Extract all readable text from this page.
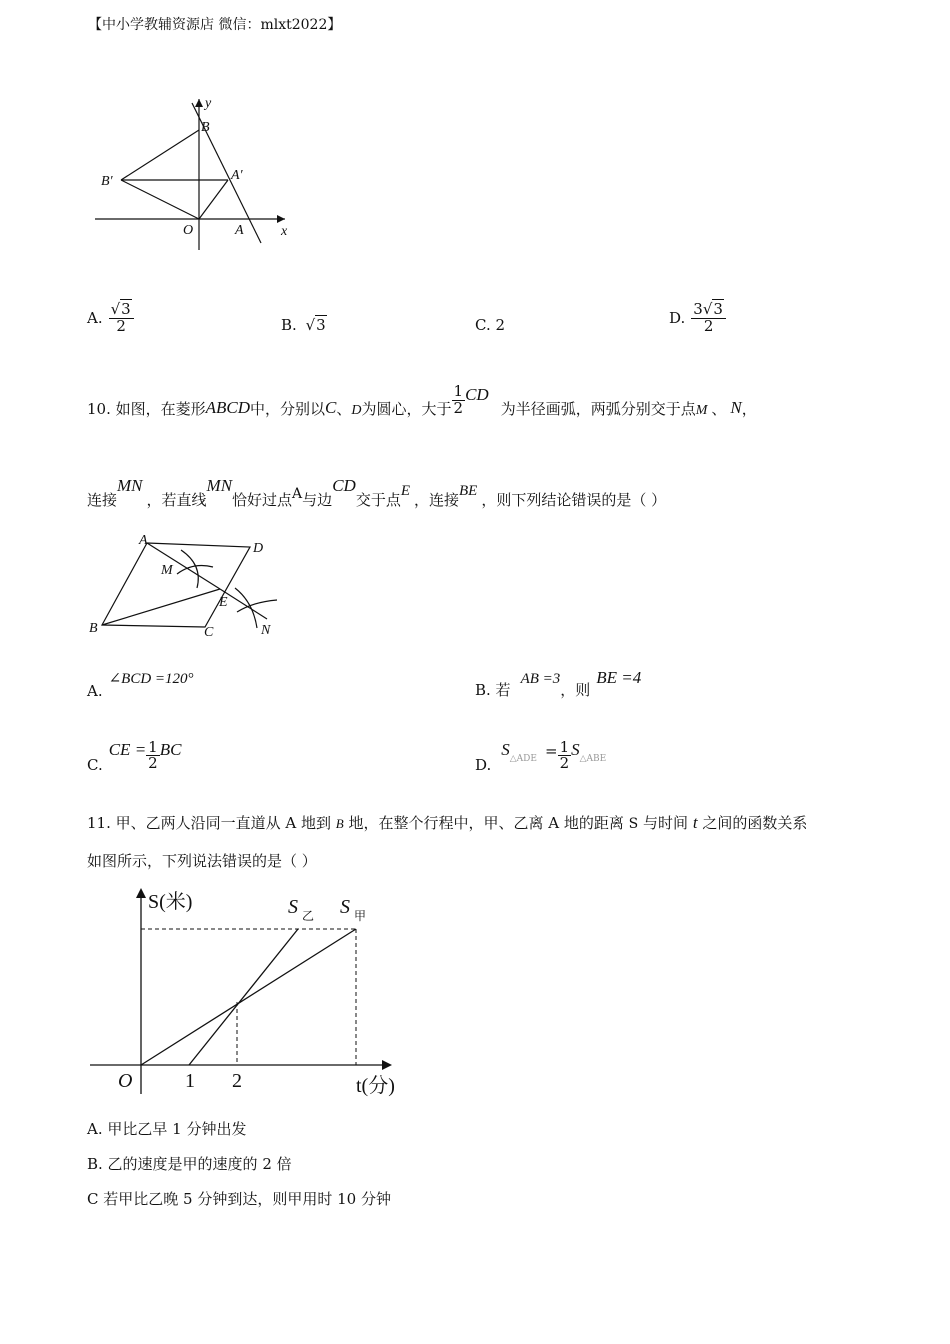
【中小学教辅资源店 微信：mlxt2022】
y
x
B
B′	A′
O	A
A. $\frac{√3}{2}$	B. √3	C. 2	D. $\frac{3√3}{2}$
10. 如图，在菱形 ABCD 中，分别以 C 、 D 为圆心，大于 $\frac{1}{2}$ CD
为半径画弧，两弧分别交于点 M 、 N ，
连接
MN
，若直线
MN
恰好过点 A 与边
CD
交于点 E ，连接 BE ，则下列结论错误的是（ ）
A
D
M
E
B	C	N
A.
∠BCD =120°
B. 若
AB =3
，则
BE =4
C.
CE = $\frac{1}{2}$ BC
D.
S △ADE = $\frac{1}{2}$ S △ABE
11. 甲、乙两人沿同一直道从 A 地到 B 地，在整个行程中，甲、乙离 A 地的距离 S 与时间 t 之间的函数关系
如图所示，下列说法错误的是（ ）
S(米)
t(分)
O	1 2
S 乙 S 甲
A. 甲比乙早 1 分钟出发
B. 乙的速度是甲的速度的 2 倍
C 若甲比乙晚 5 分钟到达，则甲用时 10 分钟
